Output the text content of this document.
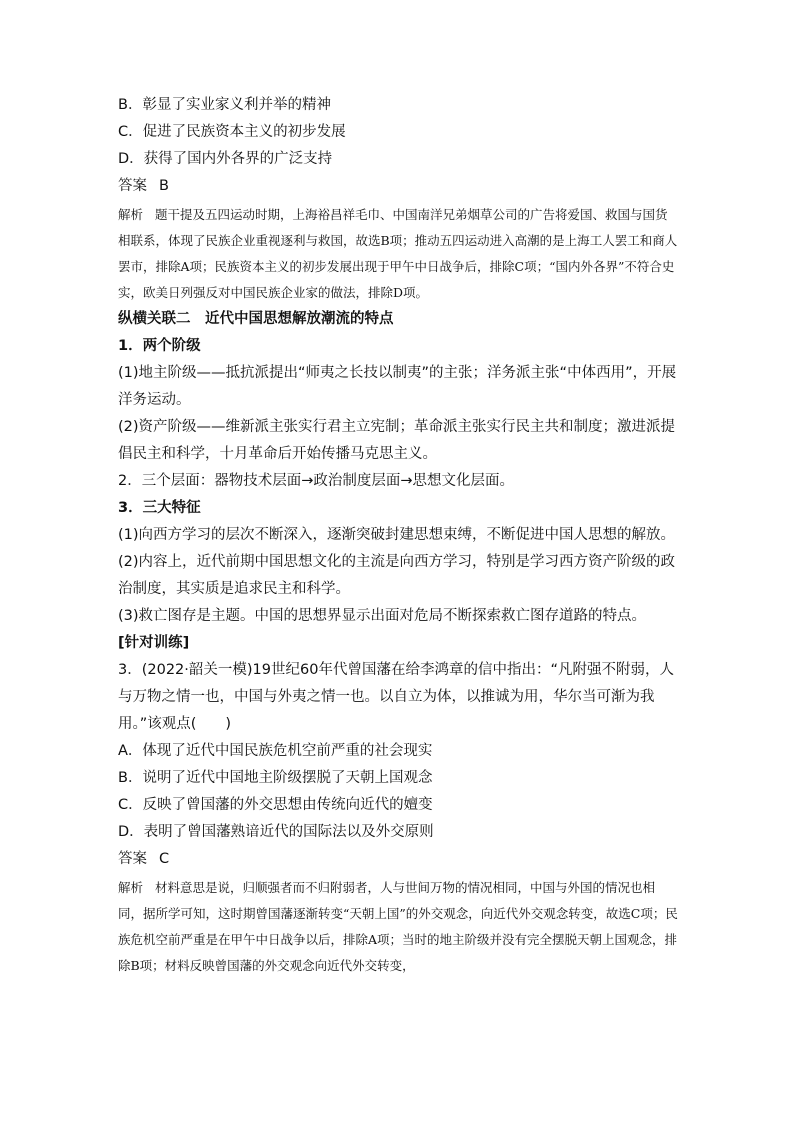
B．彰显了实业家义利并举的精神
C．促进了民族资本主义的初步发展
D．获得了国内外各界的广泛支持
答案 B
解析 题干提及五四运动时期，上海裕昌祥毛巾、中国南洋兄弟烟草公司的广告将爱国、救国与国货相联系，体现了民族企业重视逐利与救国，故选B项；推动五四运动进入高潮的是上海工人罢工和商人罢市，排除A项；民族资本主义的初步发展出现于甲午中日战争后，排除C项；“国内外各界”不符合史实，欧美日列强反对中国民族企业家的做法，排除D项。
纵横关联二　近代中国思想解放潮流的特点
1．两个阶级
(1)地主阶级——抵抗派提出“师夷之长技以制夷”的主张；洋务派主张“中体西用”，开展洋务运动。
(2)资产阶级——维新派主张实行君主立宪制；革命派主张实行民主共和制度；激进派提倡民主和科学，十月革命后开始传播马克思主义。
2．三个层面：器物技术层面→政治制度层面→思想文化层面。
3．三大特征
(1)向西方学习的层次不断深入，逐渐突破封建思想束缚，不断促进中国人思想的解放。
(2)内容上，近代前期中国思想文化的主流是向西方学习，特别是学习西方资产阶级的政治制度，其实质是追求民主和科学。
(3)救亡图存是主题。中国的思想界显示出面对危局不断探索救亡图存道路的特点。
[针对训练]
3．(2022·韶关一模)19世纪60年代曾国藩在给李鸿章的信中指出：“凡附强不附弱，人与万物之情一也，中国与外夷之情一也。以自立为体，以推诚为用，华尔当可渐为我用。”该观点(　　)
A．体现了近代中国民族危机空前严重的社会现实
B．说明了近代中国地主阶级摆脱了天朝上国观念
C．反映了曾国藩的外交思想由传统向近代的嬗变
D．表明了曾国藩熟谙近代的国际法以及外交原则
答案 C
解析 材料意思是说，归顺强者而不归附弱者，人与世间万物的情况相同，中国与外国的情况也相同，据所学可知，这时期曾国藩逐渐转变“天朝上国”的外交观念，向近代外交观念转变，故选C项；民族危机空前严重是在甲午中日战争以后，排除A项；当时的地主阶级并没有完全摆脱天朝上国观念，排除B项；材料反映曾国藩的外交观念向近代外交转变，
